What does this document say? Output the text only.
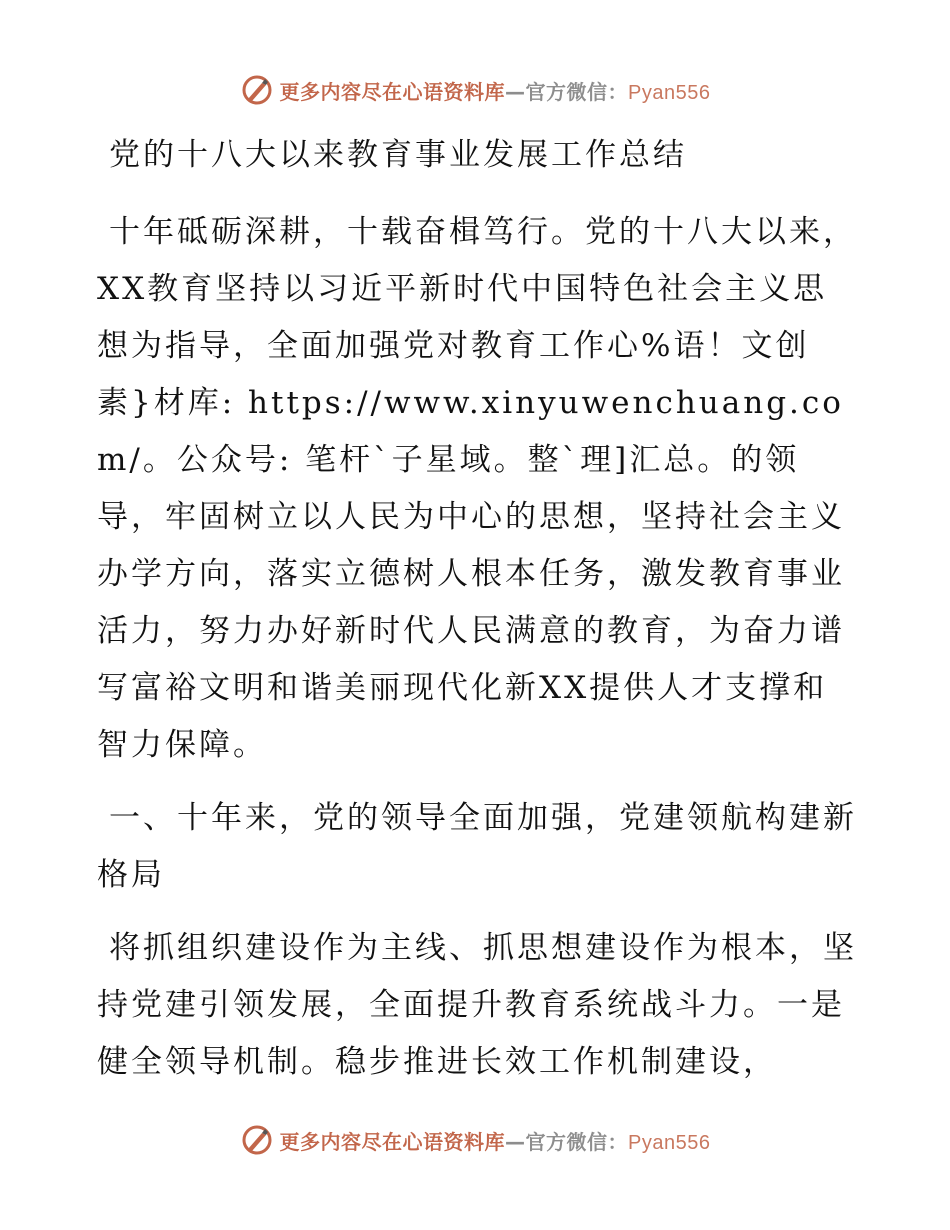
更多内容尽在心语资料库—官方微信：Pyan556
党的十八大以来教育事业发展工作总结
十年砥砺深耕，十载奋楫笃行。党的十八大以来，XX教育坚持以习近平新时代中国特色社会主义思想为指导，全面加强党对教育工作心%语！文创素}材库: https://www.xinyuwenchuang.com/。公众号: 笔杆`子星域。整`理]汇总。的领导，牢固树立以人民为中心的思想，坚持社会主义办学方向，落实立德树人根本任务，激发教育事业活力，努力办好新时代人民满意的教育，为奋力谱写富裕文明和谐美丽现代化新XX提供人才支撑和智力保障。
一、十年来，党的领导全面加强，党建领航构建新格局
将抓组织建设作为主线、抓思想建设作为根本，坚持党建引领发展，全面提升教育系统战斗力。一是健全领导机制。稳步推进长效工作机制建设，
更多内容尽在心语资料库—官方微信：Pyan556
